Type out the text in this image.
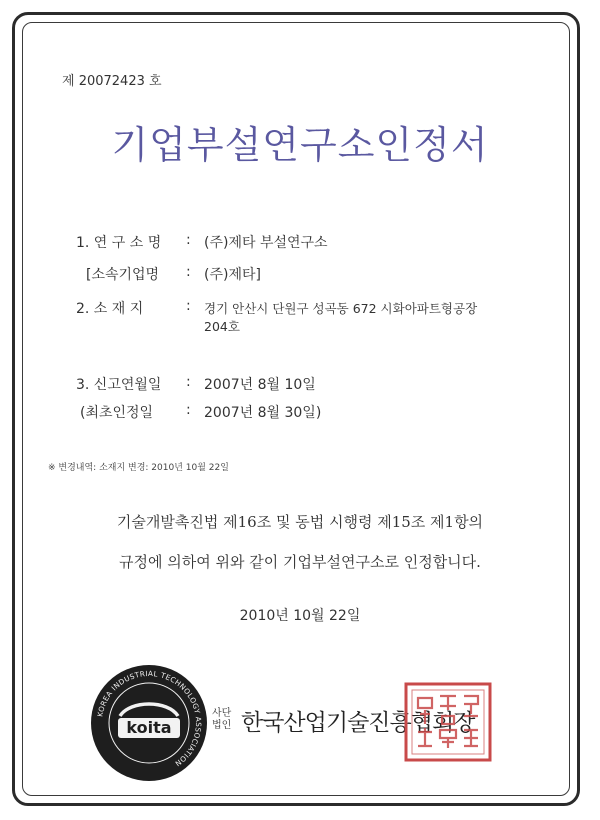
제 20072423 호
기업부설연구소인정서
1. 연 구 소 명 : (주)제타 부설연구소
[소속기업명 : (주)제타]
2. 소 재 지	: 경기 안산시 단원구 성곡동 672 시화아파트형공장
204호
3. 신고연월일 : 2007년 8월 10일
(최초인정일 : 2007년 8월 30일)
※ 변경내역: 소재지 변경: 2010년 10월 22일
기술개발촉진법 제16조 및 동법 시행령 제15조 제1항의
규정에 의하여 위와 같이 기업부설연구소로 인정합니다.
2010년 10월 22일
KOREA INDUSTRIAL TECHNOLOGY ASSOCIATION
koita
사단 법인 한국산업기술진흥협회장
